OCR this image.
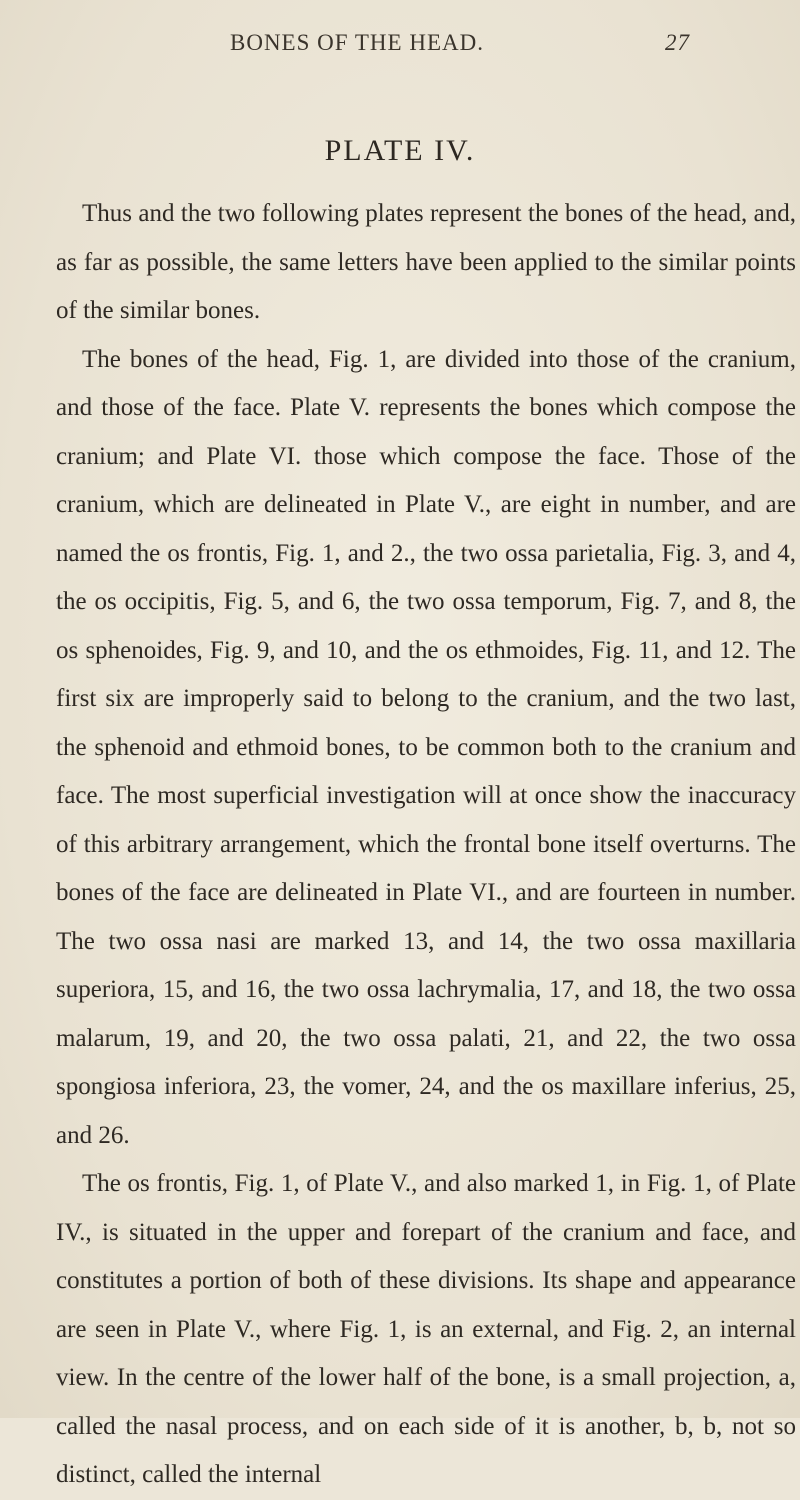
BONES OF THE HEAD.	27
PLATE IV.

Thus and the two following plates represent the bones of the head, and, as far as possible, the same letters have been applied to the similar points of the similar bones.

The bones of the head, Fig. 1, are divided into those of the cranium, and those of the face. Plate V. represents the bones which compose the cranium; and Plate VI. those which compose the face. Those of the cranium, which are delineated in Plate V., are eight in number, and are named the os frontis, Fig. 1, and 2., the two ossa parietalia, Fig. 3, and 4, the os occipitis, Fig. 5, and 6, the two ossa temporum, Fig. 7, and 8, the os sphenoides, Fig. 9, and 10, and the os ethmoides, Fig. 11, and 12. The first six are improperly said to belong to the cranium, and the two last, the sphenoid and ethmoid bones, to be common both to the cranium and face. The most superficial investigation will at once show the inaccuracy of this arbitrary arrangement, which the frontal bone itself overturns. The bones of the face are delineated in Plate VI., and are fourteen in number. The two ossa nasi are marked 13, and 14, the two ossa maxillaria superiora, 15, and 16, the two ossa lachrymalia, 17, and 18, the two ossa malarum, 19, and 20, the two ossa palati, 21, and 22, the two ossa spongiosa inferiora, 23, the vomer, 24, and the os maxillare inferius, 25, and 26.

The os frontis, Fig. 1, of Plate V., and also marked 1, in Fig. 1, of Plate IV., is situated in the upper and forepart of the cranium and face, and constitutes a portion of both of these divisions. Its shape and appearance are seen in Plate V., where Fig. 1, is an external, and Fig. 2, an internal view. In the centre of the lower half of the bone, is a small projection, a, called the nasal process, and on each side of it is another, b, b, not so distinct, called the internal
